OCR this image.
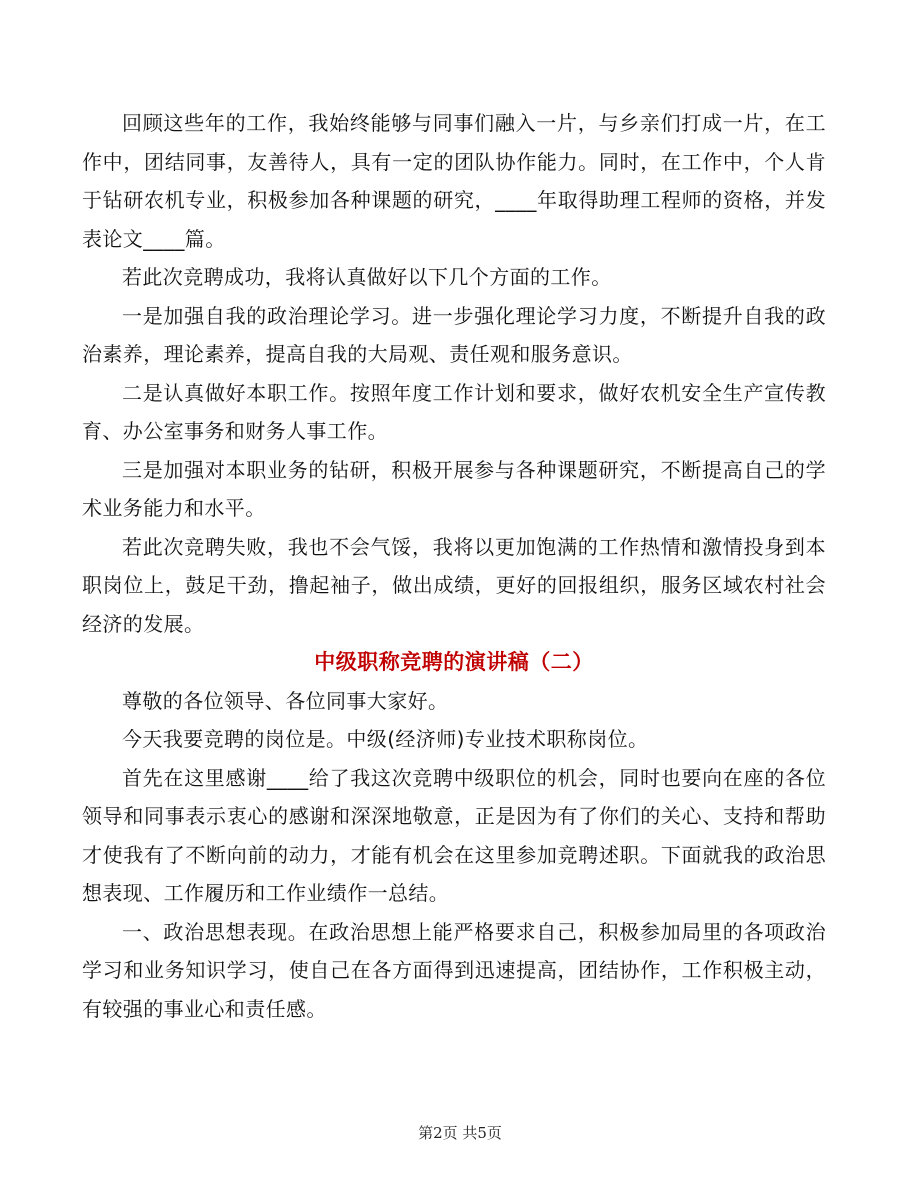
回顾这些年的工作，我始终能够与同事们融入一片，与乡亲们打成一片，在工作中，团结同事，友善待人，具有一定的团队协作能力。同时，在工作中，个人肯于钻研农机专业，积极参加各种课题的研究，____年取得助理工程师的资格，并发表论文____篇。

若此次竞聘成功，我将认真做好以下几个方面的工作。

一是加强自我的政治理论学习。进一步强化理论学习力度，不断提升自我的政治素养，理论素养，提高自我的大局观、责任观和服务意识。

二是认真做好本职工作。按照年度工作计划和要求，做好农机安全生产宣传教育、办公室事务和财务人事工作。

三是加强对本职业务的钻研，积极开展参与各种课题研究，不断提高自己的学术业务能力和水平。

若此次竞聘失败，我也不会气馁，我将以更加饱满的工作热情和激情投身到本职岗位上，鼓足干劲，撸起袖子，做出成绩，更好的回报组织，服务区域农村社会经济的发展。

中级职称竞聘的演讲稿（二）

尊敬的各位领导、各位同事大家好。

今天我要竞聘的岗位是。中级(经济师)专业技术职称岗位。

首先在这里感谢____给了我这次竞聘中级职位的机会，同时也要向在座的各位领导和同事表示衷心的感谢和深深地敬意，正是因为有了你们的关心、支持和帮助才使我有了不断向前的动力，才能有机会在这里参加竞聘述职。下面就我的政治思想表现、工作履历和工作业绩作一总结。

一、政治思想表现。在政治思想上能严格要求自己，积极参加局里的各项政治学习和业务知识学习，使自己在各方面得到迅速提高，团结协作，工作积极主动，有较强的事业心和责任感。

第2页 共5页
